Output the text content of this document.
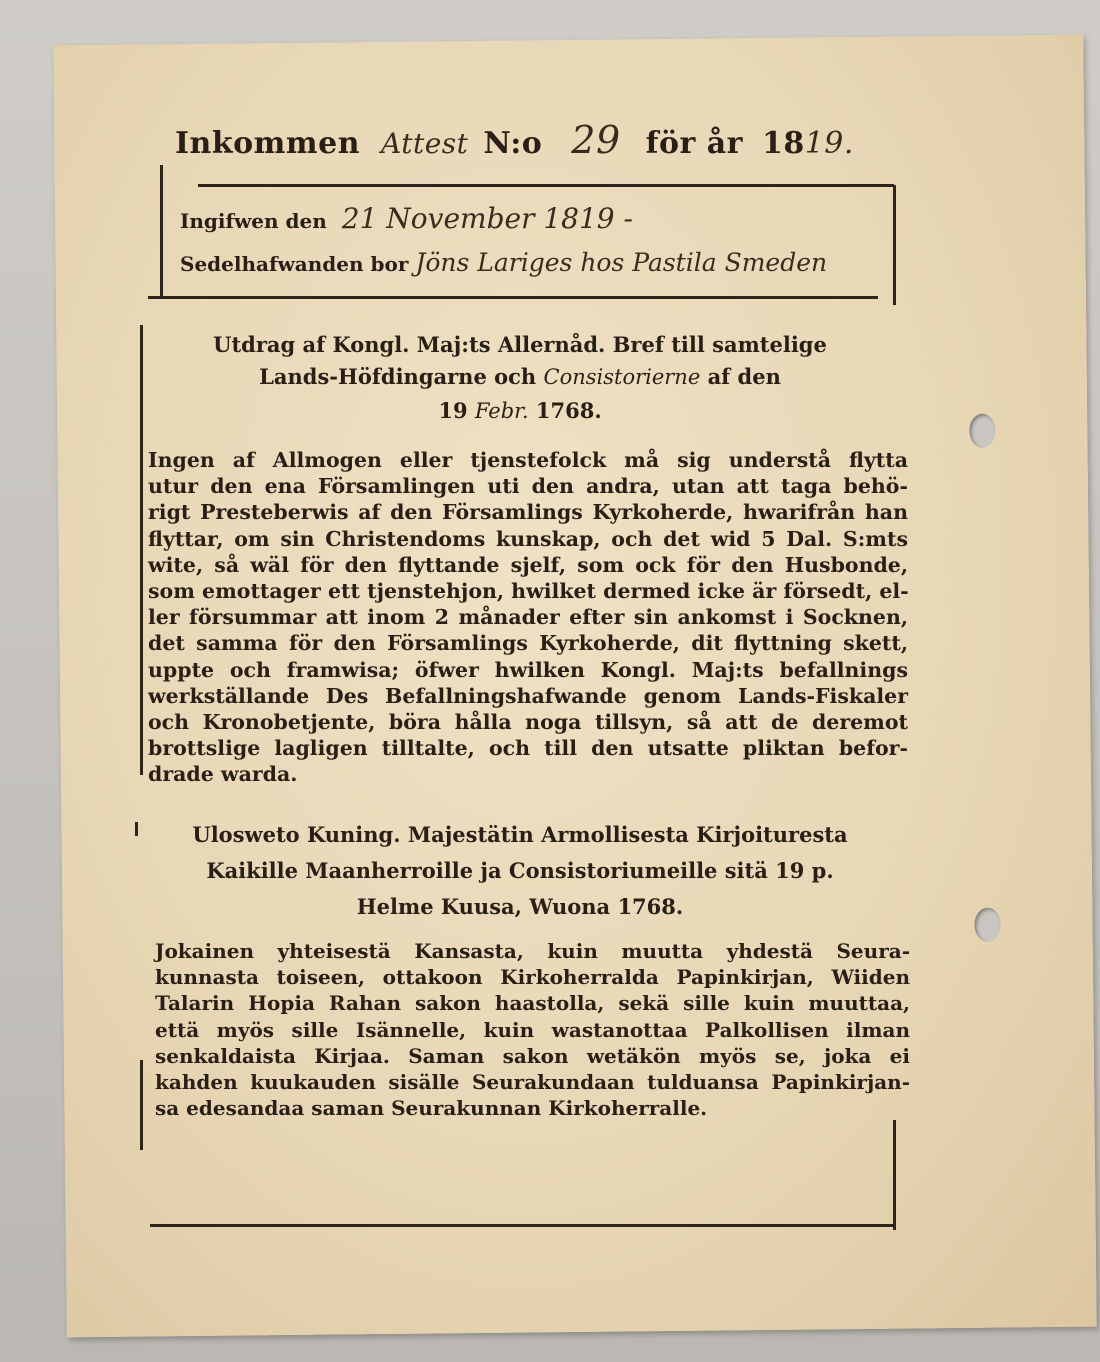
Inkommen Attest N:o 29 för år 1819.
Ingifwen den 21 November 1819 -
Sedelhafwanden bor Jöns Lariges hos Pastila Smeden
Utdrag af Kongl. Maj:ts Allernåd. Bref till samtelige
Lands-Höfdingarne och Consistorierne af den
19 Febr. 1768.
Ingen af Allmogen eller tjenstefolck må sig understå flytta
utur den ena Församlingen uti den andra, utan att taga behö-
rigt Presteberwis af den Församlings Kyrkoherde, hwarifrån han
flyttar, om sin Christendoms kunskap, och det wid 5 Dal. S:mts
wite, så wäl för den flyttande sjelf, som ock för den Husbonde,
som emottager ett tjenstehjon, hwilket dermed icke är försedt, el-
ler försummar att inom 2 månader efter sin ankomst i Socknen,
det samma för den Församlings Kyrkoherde, dit flyttning skett,
uppte och framwisa; öfwer hwilken Kongl. Maj:ts befallnings
werkställande Des Befallningshafwande genom Lands-Fiskaler
och Kronobetjente, böra hålla noga tillsyn, så att de deremot
brottslige lagligen tilltalte, och till den utsatte pliktan befor-
drade warda.
Ulosweto Kuning. Majestätin Armollisesta Kirjoituresta
Kaikille Maanherroille ja Consistoriumeille sitä 19 p.
Helme Kuusa, Wuona 1768.
Jokainen yhteisestä Kansasta, kuin muutta yhdestä Seura-
kunnasta toiseen, ottakoon Kirkoherralda Papinkirjan, Wiiden
Talarin Hopia Rahan sakon haastolla, sekä sille kuin muuttaa,
että myös sille Isännelle, kuin wastanottaa Palkollisen ilman
senkaldaista Kirjaa. Saman sakon wetäkön myös se, joka ei
kahden kuukauden sisälle Seurakundaan tulduansa Papinkirjan-
sa edesandaa saman Seurakunnan Kirkoherralle.
